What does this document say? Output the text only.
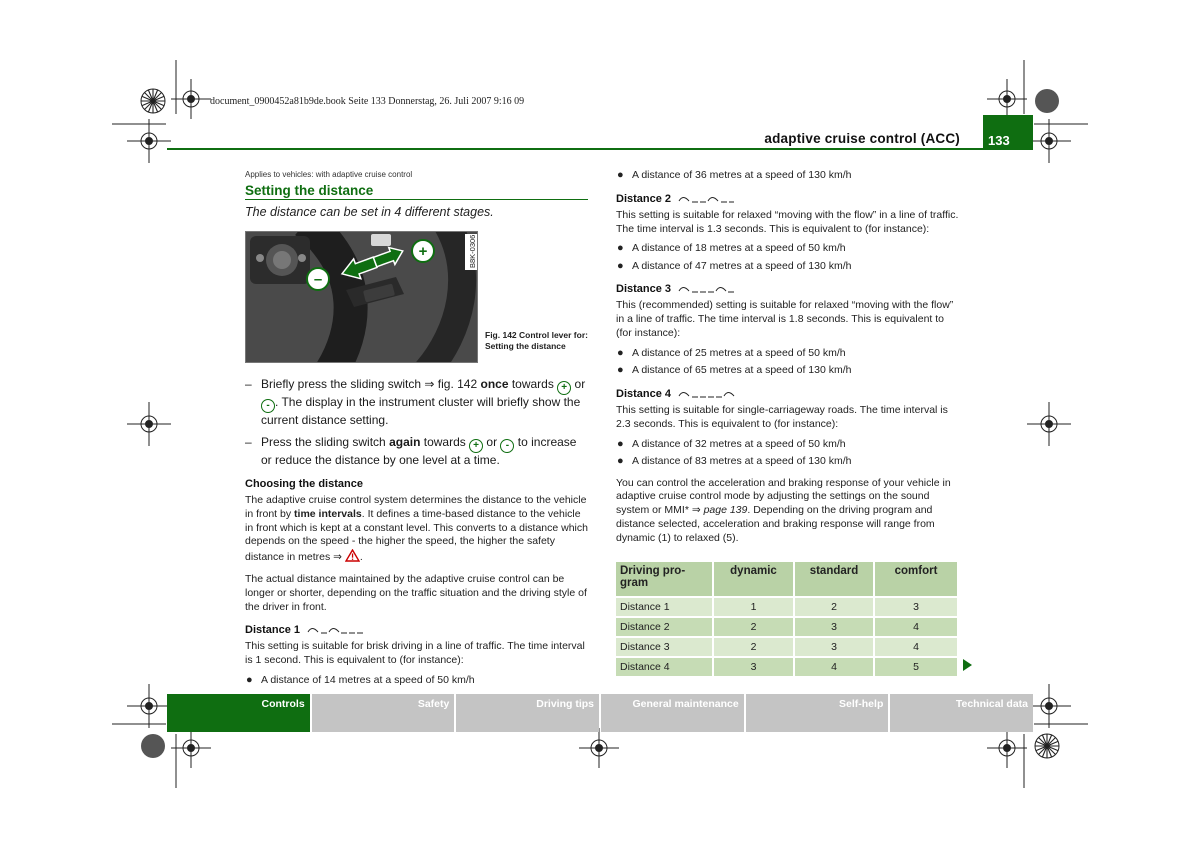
document_0900452a81b9de.book Seite 133 Donnerstag, 26. Juli 2007 9:16 09
adaptive cruise control (ACC)	133
Applies to vehicles: with adaptive cruise control
Setting the distance
The distance can be set in 4 different stages.
+
–
B8K-0306
Fig. 142 Control lever for: Setting the distance
– Briefly press the sliding switch ⇒ fig. 142 once towards + or - . The display in the instrument cluster will briefly show the current distance setting.
– Press the sliding switch again towards + or - to increase or reduce the distance by one level at a time.
Choosing the distance
The adaptive cruise control system determines the distance to the vehicle in front by time intervals. It defines a time-based distance to the vehicle in front which is kept at a constant level. This converts to a distance which depends on the speed - the higher the speed, the higher the safety distance in metres ⇒ .
The actual distance maintained by the adaptive cruise control can be longer or shorter, depending on the traffic situation and the driving style of the driver in front.
Distance 1
This setting is suitable for brisk driving in a line of traffic. The time interval is 1 second. This is equivalent to (for instance):
● A distance of 14 metres at a speed of 50 km/h
● A distance of 36 metres at a speed of 130 km/h
Distance 2
This setting is suitable for relaxed “moving with the flow” in a line of traffic. The time interval is 1.3 seconds. This is equivalent to (for instance):
● A distance of 18 metres at a speed of 50 km/h
● A distance of 47 metres at a speed of 130 km/h
Distance 3
This (recommended) setting is suitable for relaxed “moving with the flow” in a line of traffic. The time interval is 1.8 seconds. This is equivalent to (for instance):
● A distance of 25 metres at a speed of 50 km/h
● A distance of 65 metres at a speed of 130 km/h
Distance 4
This setting is suitable for single-carriageway roads. The time interval is 2.3 seconds. This is equivalent to (for instance):
● A distance of 32 metres at a speed of 50 km/h
● A distance of 83 metres at a speed of 130 km/h
You can control the acceleration and braking response of your vehicle in adaptive cruise control mode by adjusting the settings on the sound system or MMI* ⇒ page 139. Depending on the driving program and distance selected, acceleration and braking response will range from dynamic (1) to relaxed (5).
Driving pro-
gram	dynamic	standard	comfort
Distance 1	1	2	3
Distance 2	2	3	4
Distance 3	2	3	4
Distance 4	3	4	5
Controls	Safety	Driving tips	General maintenance	Self-help	Technical data
